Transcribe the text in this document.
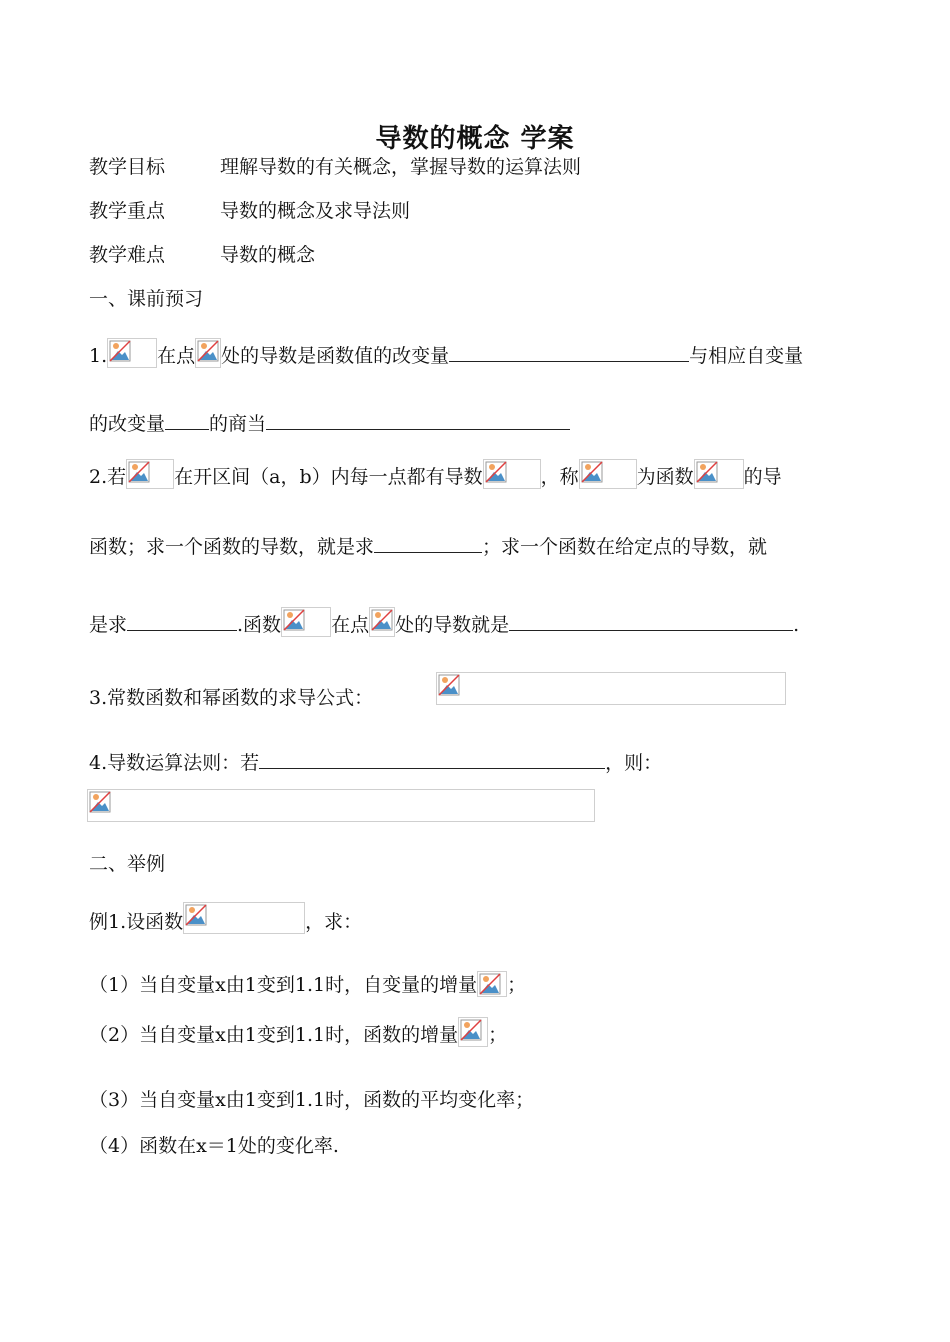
导数的概念 学案
教学目标	理解导数的有关概念，掌握导数的运算法则
教学重点	导数的概念及求导法则
教学难点	导数的概念
一、课前预习
1.	在点 处的导数是函数值的改变量	与相应自变量
的改变量 的商当
2.若	在开区间（a，b）内每一点都有导数	，称	为函数	的导
函数；求一个函数的导数，就是求	；求一个函数在给定点的导数，就
是求	.函数	在点 处的导数就是	.
3.常数函数和幂函数的求导公式：
4.导数运算法则：若	，则：
二、举例
例1.设函数	，求：
（1）当自变量x由1变到1.1时，自变量的增量 ；
（2）当自变量x由1变到1.1时，函数的增量 ；
（3）当自变量x由1变到1.1时，函数的平均变化率；
（4）函数在x＝1处的变化率.
